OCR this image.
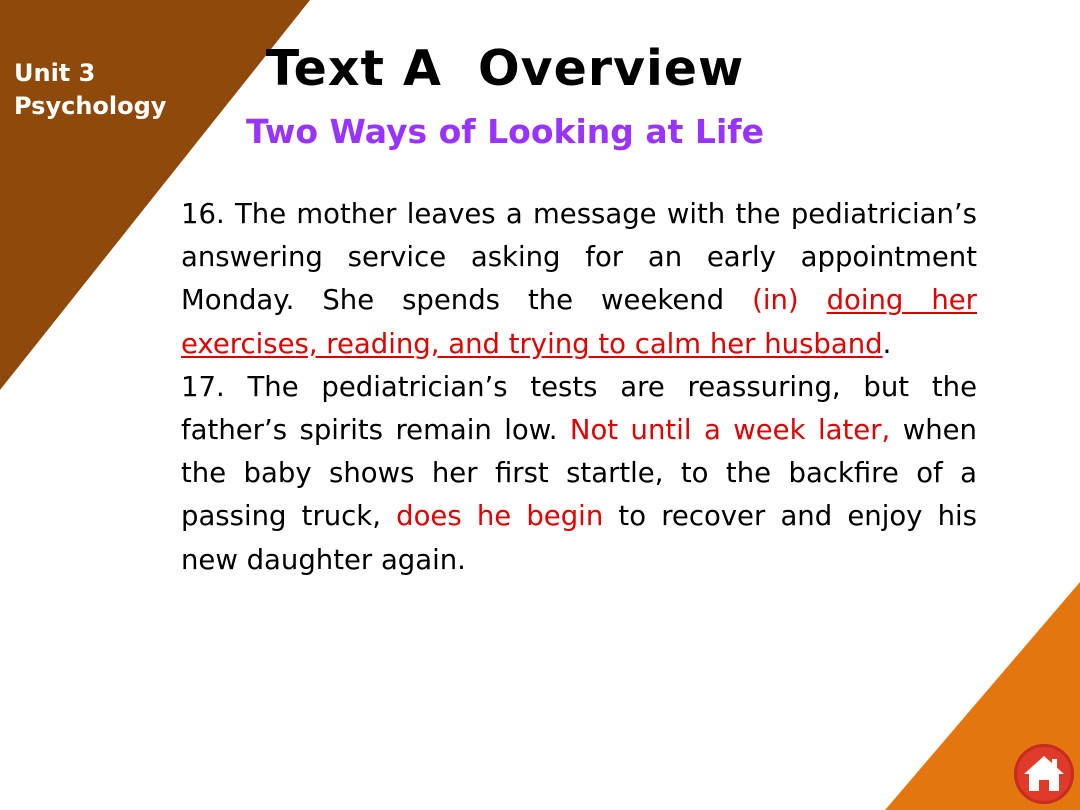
Unit 3
Psychology
Text A  Overview
Two Ways of Looking at Life

16. The mother leaves a message with the pediatrician’s answering service asking for an early appointment Monday. She spends the weekend (in) doing her exercises, reading, and trying to calm her husband.

17. The pediatrician’s tests are reassuring, but the father’s spirits remain low. Not until a week later, when the baby shows her first startle, to the backfire of a passing truck, does he begin to recover and enjoy his new daughter again.
